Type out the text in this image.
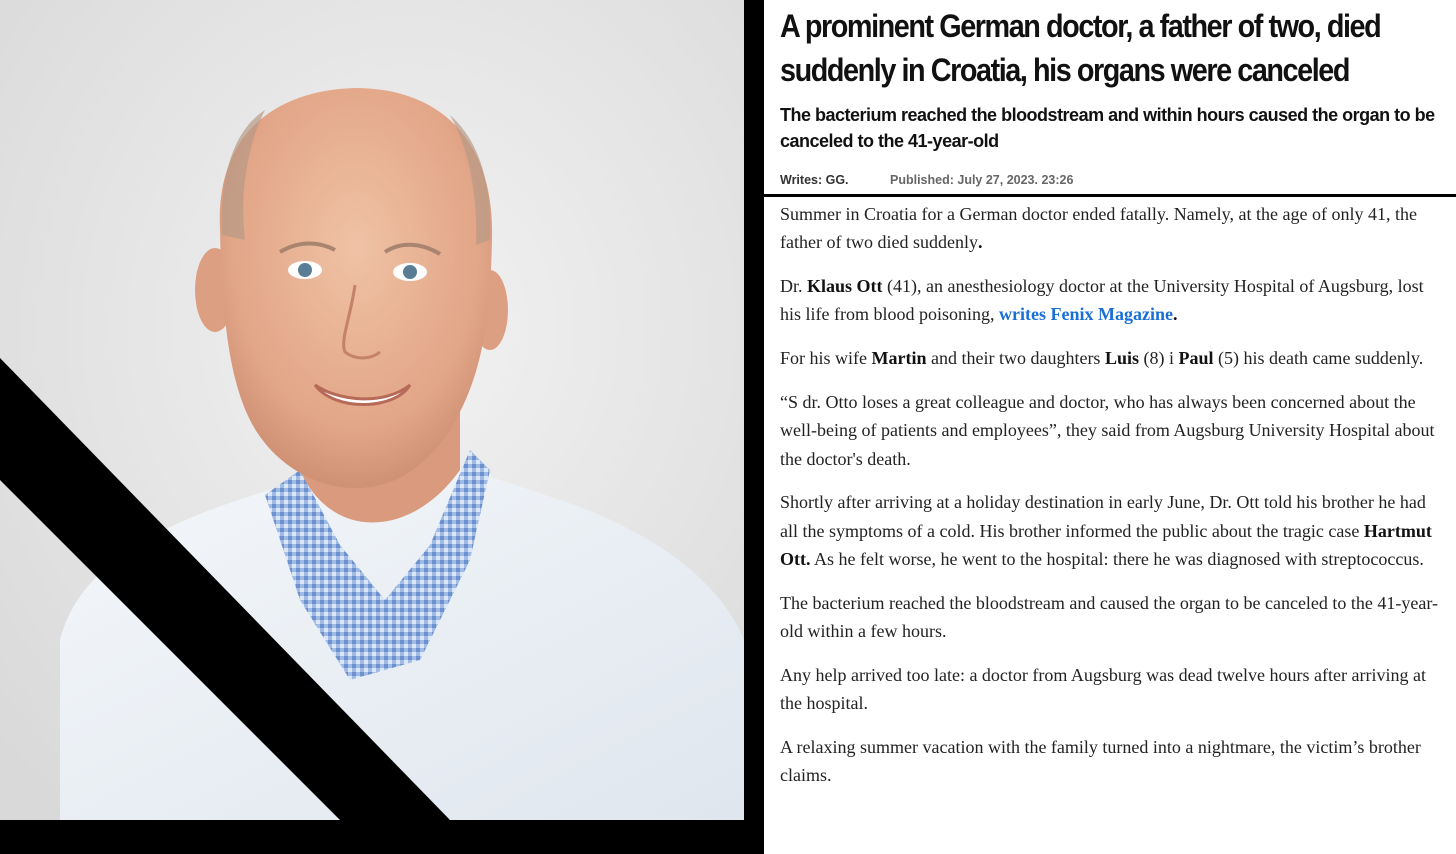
A prominent German doctor, a father of two, died suddenly in Croatia, his organs were canceled
The bacterium reached the bloodstream and within hours caused the organ to be canceled to the 41-year-old
Writes: GG.	Published: July 27, 2023. 23:26

Summer in Croatia for a German doctor ended fatally. Namely, at the age of only 41, the father of two died suddenly.

Dr. Klaus Ott (41), an anesthesiology doctor at the University Hospital of Augsburg, lost his life from blood poisoning, writes Fenix Magazine.

For his wife Martin and their two daughters Luis (8) i Paul (5) his death came suddenly.

“S dr. Otto loses a great colleague and doctor, who has always been concerned about the well-being of patients and employees”, they said from Augsburg University Hospital about the doctor's death.

Shortly after arriving at a holiday destination in early June, Dr. Ott told his brother he had all the symptoms of a cold. His brother informed the public about the tragic case Hartmut Ott. As he felt worse, he went to the hospital: there he was diagnosed with streptococcus.

The bacterium reached the bloodstream and caused the organ to be canceled to the 41-year-old within a few hours.

Any help arrived too late: a doctor from Augsburg was dead twelve hours after arriving at the hospital.

A relaxing summer vacation with the family turned into a nightmare, the victim’s brother claims.
